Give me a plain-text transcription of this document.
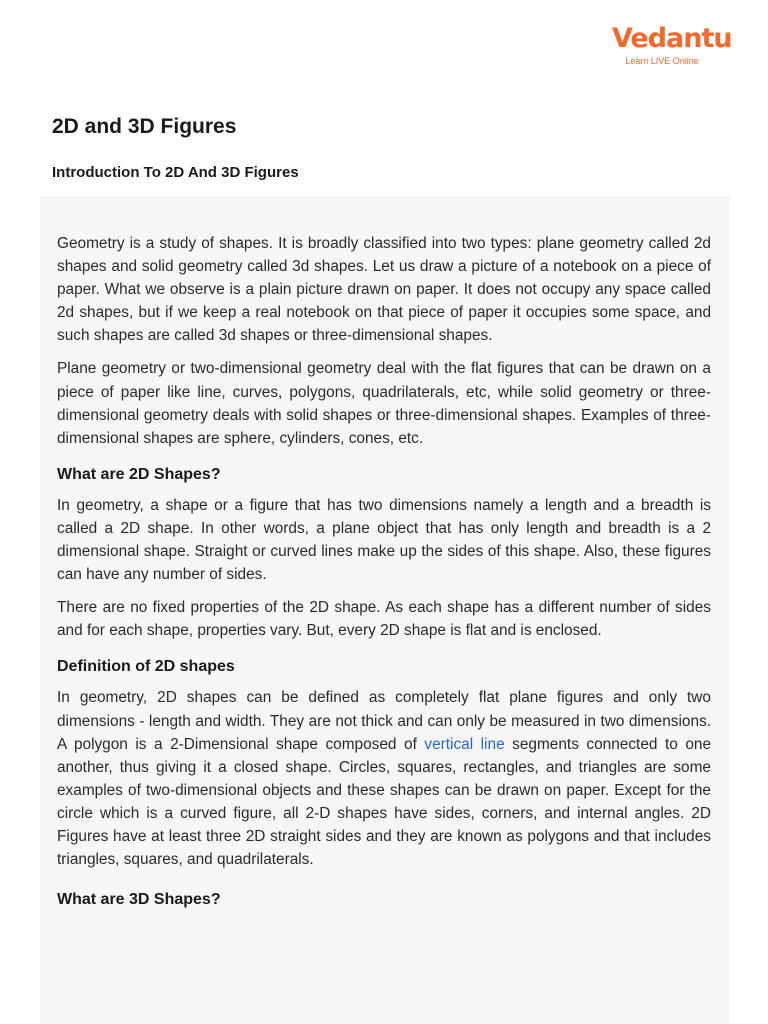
Vedantu
Learn LIVE Online
2D and 3D Figures
Introduction To 2D And 3D Figures

Geometry is a study of shapes. It is broadly classified into two types: plane geometry called 2d shapes and solid geometry called 3d shapes. Let us draw a picture of a notebook on a piece of paper. What we observe is a plain picture drawn on paper. It does not occupy any space called 2d shapes, but if we keep a real notebook on that piece of paper it occupies some space, and such shapes are called 3d shapes or three-dimensional shapes.

Plane geometry or two-dimensional geometry deal with the flat figures that can be drawn on a piece of paper like line, curves, polygons, quadrilaterals, etc, while solid geometry or three-dimensional geometry deals with solid shapes or three-dimensional shapes. Examples of three-dimensional shapes are sphere, cylinders, cones, etc.

What are 2D Shapes?

In geometry, a shape or a figure that has two dimensions namely a length and a breadth is called a 2D shape. In other words, a plane object that has only length and breadth is a 2 dimensional shape. Straight or curved lines make up the sides of this shape. Also, these figures can have any number of sides.

There are no fixed properties of the 2D shape. As each shape has a different number of sides and for each shape, properties vary. But, every 2D shape is flat and is enclosed.

Definition of 2D shapes

In geometry, 2D shapes can be defined as completely flat plane figures and only two dimensions - length and width. They are not thick and can only be measured in two dimensions. A polygon is a 2-Dimensional shape composed of vertical line segments connected to one another, thus giving it a closed shape. Circles, squares, rectangles, and triangles are some examples of two-dimensional objects and these shapes can be drawn on paper. Except for the circle which is a curved figure, all 2-D shapes have sides, corners, and internal angles. 2D Figures have at least three 2D straight sides and they are known as polygons and that includes triangles, squares, and quadrilaterals.

What are 3D Shapes?
